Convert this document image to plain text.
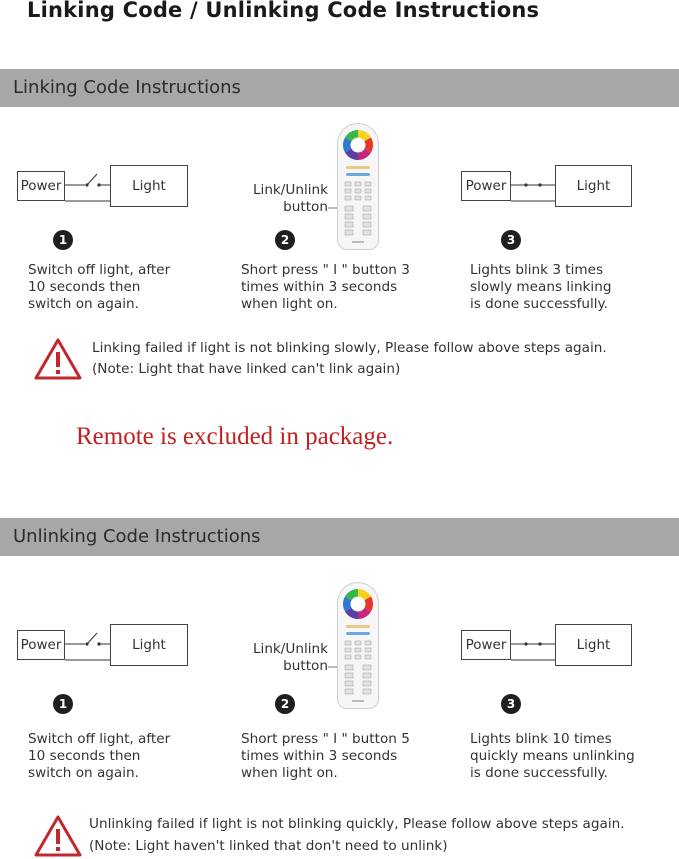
Linking Code / Unlinking Code Instructions
Linking Code Instructions
Power	Light	Link/Unlink
button
Power	Light
1	2	3
Switch off light, after
10 seconds then
switch on again.
Short press " I " button 3
times within 3 seconds
when light on.
Lights blink 3 times
slowly means linking
is done successfully.
Linking failed if light is not blinking slowly, Please follow above steps again.
(Note: Light that have linked can't link again)
Remote is excluded in package.
Unlinking Code Instructions
Power	Light	Link/Unlink
button
Power	Light
1	2	3
Switch off light, after
10 seconds then
switch on again.
Short press " I " button 5
times within 3 seconds
when light on.
Lights blink 10 times
quickly means unlinking
is done successfully.
Unlinking failed if light is not blinking quickly, Please follow above steps again.
(Note: Light haven't linked that don't need to unlink)
